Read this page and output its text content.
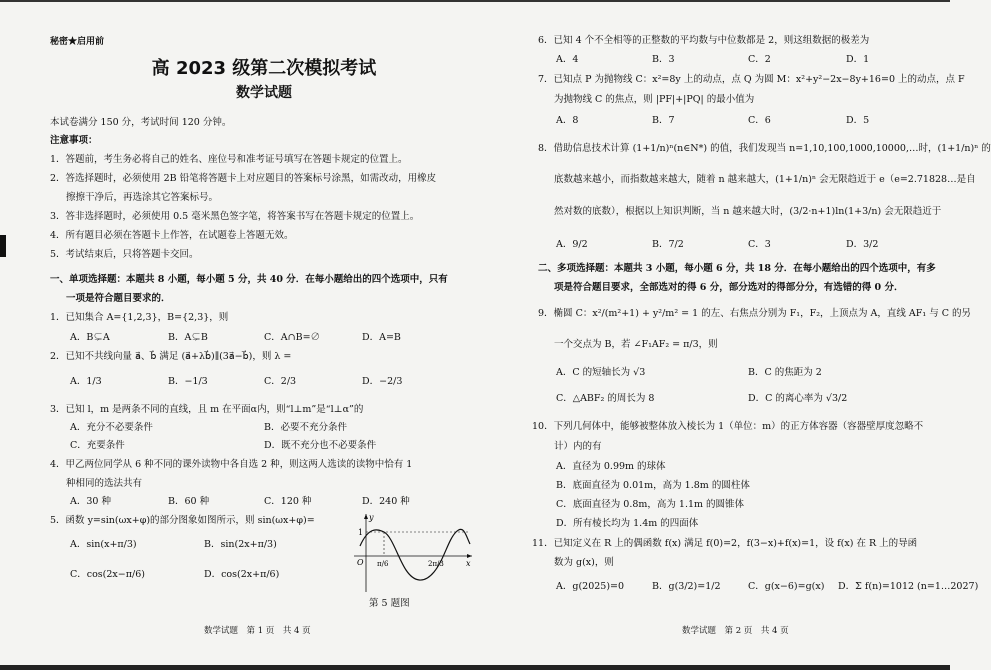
秘密★启用前
高 2023 级第二次模拟考试
数学试题
本试卷满分 150 分，考试时间 120 分钟。
注意事项：
1．答题前，考生务必将自己的姓名、座位号和准考证号填写在答题卡规定的位置上。
2．答选择题时，必须使用 2B 铅笔将答题卡上对应题目的答案标号涂黑，如需改动，用橡皮
擦擦干净后，再选涂其它答案标号。
3．答非选择题时，必须使用 0.5 毫米黑色签字笔，将答案书写在答题卡规定的位置上。
4．所有题目必须在答题卡上作答，在试题卷上答题无效。
5．考试结束后，只将答题卡交回。
一、单项选择题：本题共 8 小题，每小题 5 分，共 40 分．在每小题给出的四个选项中，只有
一项是符合题目要求的．
1．已知集合 A={1,2,3}，B={2,3}，则
A．B⊊A	B．A⊊B	C．A∩B=∅	D．A=B
2．已知不共线向量 a⃗、b⃗ 满足 (a⃗+λb⃗)∥(3a⃗−b⃗)，则 λ =
A．1/3	B．−1/3	C．2/3	D．−2/3
3．已知 l，m 是两条不同的直线，且 m 在平面α内，则“l⊥m”是“l⊥α”的
A．充分不必要条件	B．必要不充分条件
C．充要条件	D．既不充分也不必要条件
4．甲乙两位同学从 6 种不同的课外读物中各自选 2 种，则这两人选读的读物中恰有 1
种相同的选法共有
A．30 种	B．60 种	C．120 种	D．240 种
5．函数 y=sin(ωx+φ)的部分图象如图所示，则 sin(ωx+φ)=
A．sin(x+π/3)	B．sin(2x+π/3)
C．cos(2x−π/6)	D．cos(2x+π/6)
y
x
1
O π/6	2π/3
第 5 题图
数学试题　第 1 页　共 4 页
6．已知 4 个不全相等的正整数的平均数与中位数都是 2，则这组数据的极差为
A．4	B．3	C．2	D．1
7．已知点 P 为抛物线 C：x²=8y 上的动点，点 Q 为圆 M：x²+y²−2x−8y+16=0 上的动点，点 F
为抛物线 C 的焦点，则 |PF|+|PQ| 的最小值为
A．8	B．7	C．6	D．5
8．借助信息技术计算 (1+1/n)ⁿ(n∈N*) 的值，我们发现当 n=1,10,100,1000,10000,…时，(1+1/n)ⁿ 的
底数越来越小，而指数越来越大，随着 n 越来越大，(1+1/n)ⁿ 会无限趋近于 e（e=2.71828…是自
然对数的底数），根据以上知识判断，当 n 越来越大时，(3/2·n+1)ln(1+3/n) 会无限趋近于
A．9/2	B．7/2	C．3	D．3/2
二、多项选择题：本题共 3 小题，每小题 6 分，共 18 分．在每小题给出的四个选项中，有多
项是符合题目要求，全部选对的得 6 分，部分选对的得部分分，有选错的得 0 分．
9．椭圆 C：x²/(m²+1) + y²/m² = 1 的左、右焦点分别为 F₁，F₂，上顶点为 A，直线 AF₁ 与 C 的另
一个交点为 B，若 ∠F₁AF₂ = π/3，则
A．C 的短轴长为 √3	B．C 的焦距为 2
C．△ABF₂ 的周长为 8	D．C 的离心率为 √3/2
10．下列几何体中，能够被整体放入棱长为 1（单位：m）的正方体容器（容器壁厚度忽略不
计）内的有
A．直径为 0.99m 的球体
B．底面直径为 0.01m，高为 1.8m 的圆柱体
C．底面直径为 0.8m，高为 1.1m 的圆锥体
D．所有棱长均为 1.4m 的四面体
11．已知定义在 R 上的偶函数 f(x) 满足 f(0)=2，f(3−x)+f(x)=1，设 f(x) 在 R 上的导函
数为 g(x)，则
A．g(2025)=0	B．g(3/2)=1/2	C．g(x−6)=g(x) D．Σ f(n)=1012 (n=1…2027)
数学试题　第 2 页　共 4 页
